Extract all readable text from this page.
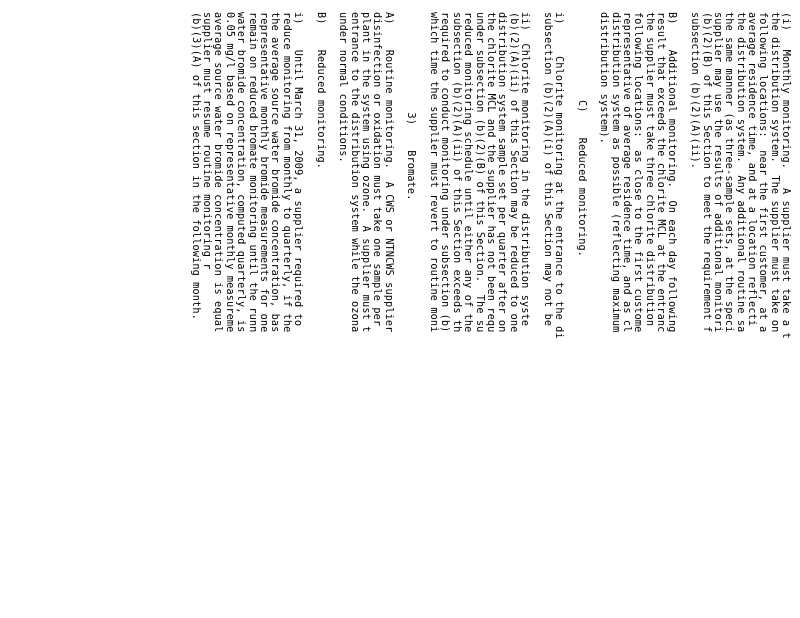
(i)   Monthly monitoring.   A supplier must take a t
the distribution system.  The supplier must take on
following locations:  near the first customer, at a
average residence time, and at a location reflecti
the distribution system.  Any additional routine sa
the same manner (as three-sample sets, at the speci
supplier may use the results of additional monitori
(b)(2)(B) of this Section to meet the requirement f
subsection (b)(2)(A)(ii).
B)    Additional monitoring.  On each day following
result that exceeds the chlorite MCL at the entranc
the supplier must take three chlorite distribution
following locations:  as close to the first custome
representative of average residence time, and as cl
distribution system as possible (reflecting maximum
distribution system).
C)    Reduced monitoring.
i)     Chlorite monitoring at the entrance to the di
subsection (b)(2)(A)(i) of this Section may not be
ii)  Chlorite monitoring in the distribution syste
(b)(2)(A)(ii) of this Section may be reduced to one
distribution system sample set per quarter after on
the chlorite MCL and the supplier has not been requ
under subsection (b)(2)(B) of this Section.  The su
reduced monitoring schedule until either any of the
subsection (b)(2)(A)(ii) of this Section exceeds th
required to conduct monitoring under subsection (b)
which time the supplier must revert to routine moni
3)    Bromate.
A)    Routine monitoring.  A CWS or NTNCWS supplier
disinfection or oxidation must take one sample per
plant in the system using ozone.  A supplier must t
entrance to the distribution system while the ozona
under normal conditions.
B)    Reduced monitoring.
i)    Until March 31, 2009, a supplier required to
reduce monitoring from monthly to quarterly, if the
the average source water bromide concentration, bas
representative monthly bromide measurements for one
remain on reduced bromate monitoring until the runn
water bromide concentration, computed quarterly, is
0.05 mg/l based on representative monthly measureme
average source water bromide concentration is equal
supplier must resume routine monitoring r
(b)(3)(A) of this section in the following month.
